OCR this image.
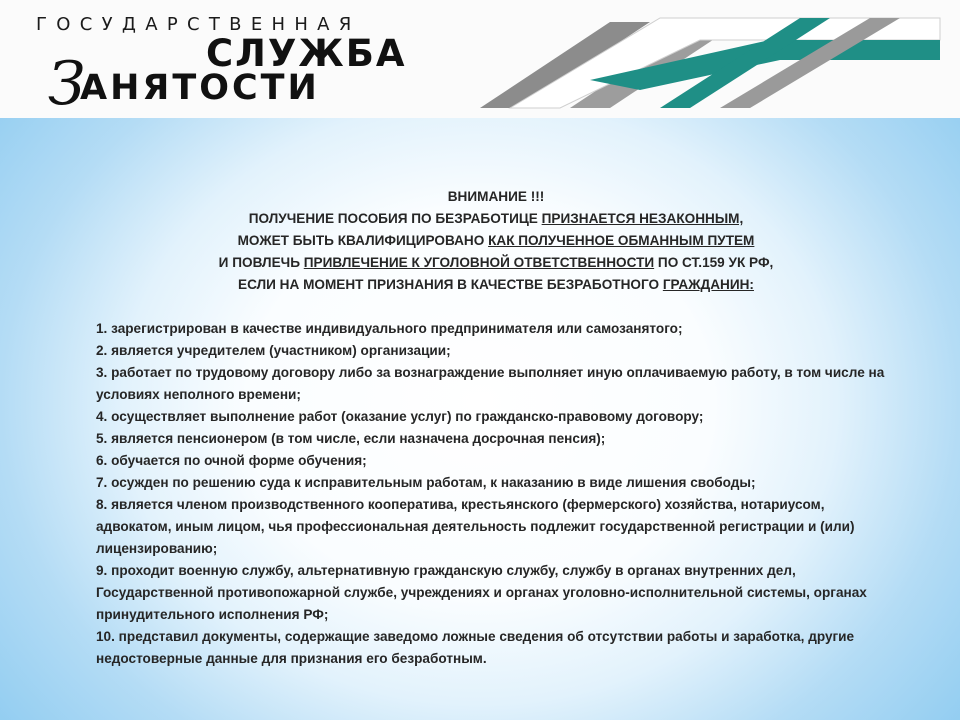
ГОСУДАРСТВЕННАЯ
СЛУЖБА
З
АНЯТОСТИ
ВНИМАНИЕ !!!
ПОЛУЧЕНИЕ ПОСОБИЯ ПО БЕЗРАБОТИЦЕ ПРИЗНАЕТСЯ НЕЗАКОННЫМ,
МОЖЕТ БЫТЬ КВАЛИФИЦИРОВАНО КАК ПОЛУЧЕННОЕ ОБМАННЫМ ПУТЕМ
И ПОВЛЕЧЬ ПРИВЛЕЧЕНИЕ К УГОЛОВНОЙ ОТВЕТСТВЕННОСТИ ПО СТ.159 УК РФ,
ЕСЛИ НА МОМЕНТ ПРИЗНАНИЯ В КАЧЕСТВЕ БЕЗРАБОТНОГО ГРАЖДАНИН:
1. зарегистрирован в качестве индивидуального предпринимателя или самозанятого;
2. является учредителем (участником) организации;
3. работает по трудовому договору либо за вознаграждение выполняет иную оплачиваемую работу, в том числе на условиях неполного времени;
4. осуществляет выполнение работ (оказание услуг) по гражданско-правовому договору;
5. является пенсионером (в том числе, если назначена досрочная пенсия);
6. обучается по очной форме обучения;
7. осужден по решению суда к исправительным работам, к наказанию в виде лишения свободы;
8. является членом производственного кооператива, крестьянского (фермерского) хозяйства, нотариусом, адвокатом, иным лицом, чья профессиональная деятельность подлежит государственной регистрации и (или) лицензированию;
9. проходит военную службу, альтернативную гражданскую службу, службу в органах внутренних дел, Государственной противопожарной службе, учреждениях и органах уголовно-исполнительной системы, органах принудительного исполнения РФ;
10. представил документы, содержащие заведомо ложные сведения об отсутствии работы и заработка, другие недостоверные данные для признания его безработным.
